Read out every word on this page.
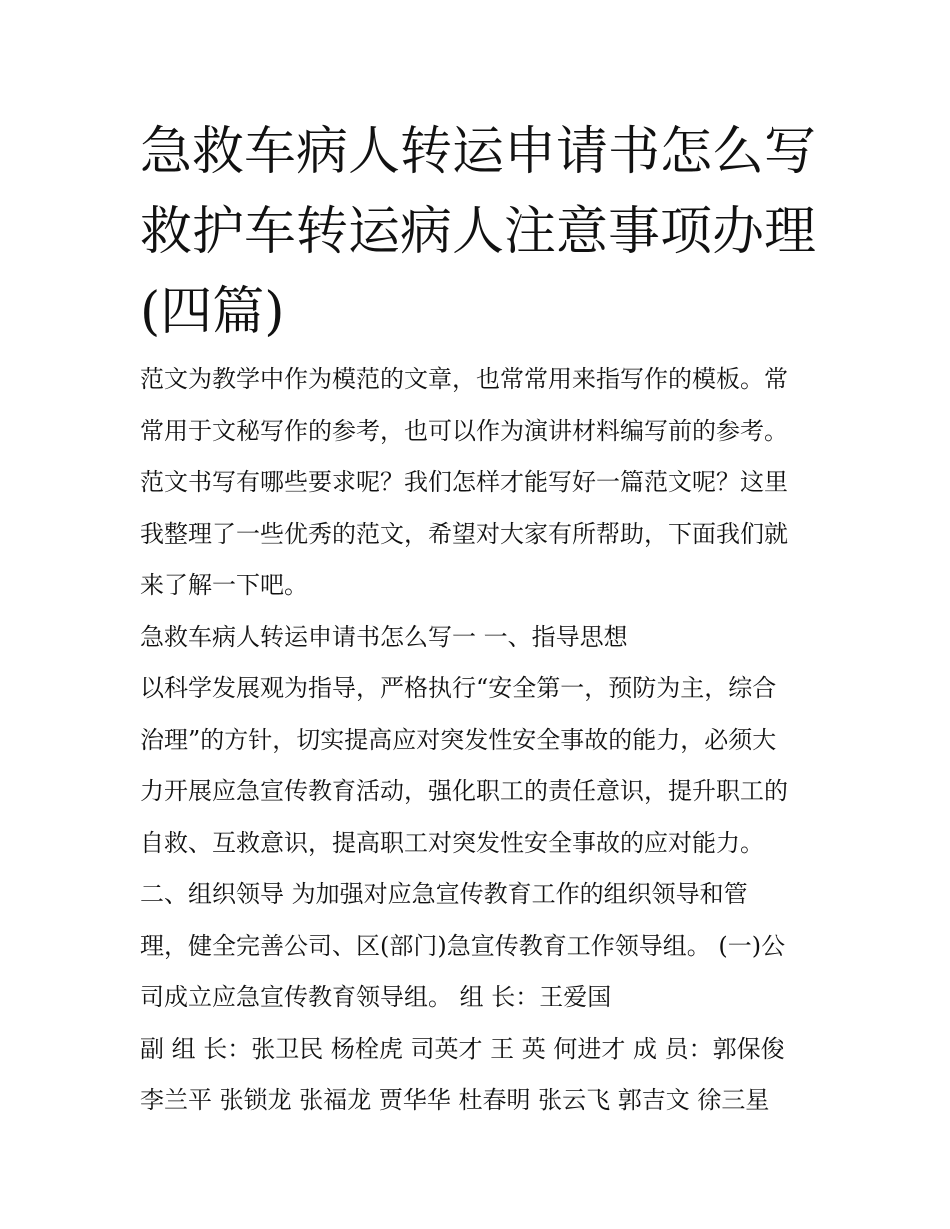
急救车病人转运申请书怎么写
救护车转运病人注意事项办理
(四篇)
范文为教学中作为模范的文章，也常常用来指写作的模板。常
常用于文秘写作的参考，也可以作为演讲材料编写前的参考。
范文书写有哪些要求呢？我们怎样才能写好一篇范文呢？这里
我整理了一些优秀的范文，希望对大家有所帮助，下面我们就
来了解一下吧。
急救车病人转运申请书怎么写一 一、指导思想
以科学发展观为指导，严格执行“安全第一，预防为主，综合
治理”的方针，切实提高应对突发性安全事故的能力，必须大
力开展应急宣传教育活动，强化职工的责任意识，提升职工的
自救、互救意识，提高职工对突发性安全事故的应对能力。
二、组织领导 为加强对应急宣传教育工作的组织领导和管
理，健全完善公司、区(部门)急宣传教育工作领导组。 (一)公
司成立应急宣传教育领导组。 组 长：王爱国
副 组 长：张卫民 杨栓虎 司英才 王 英 何进才 成 员：郭保俊
李兰平 张锁龙 张福龙 贾华华 杜春明 张云飞 郭吉文 徐三星
